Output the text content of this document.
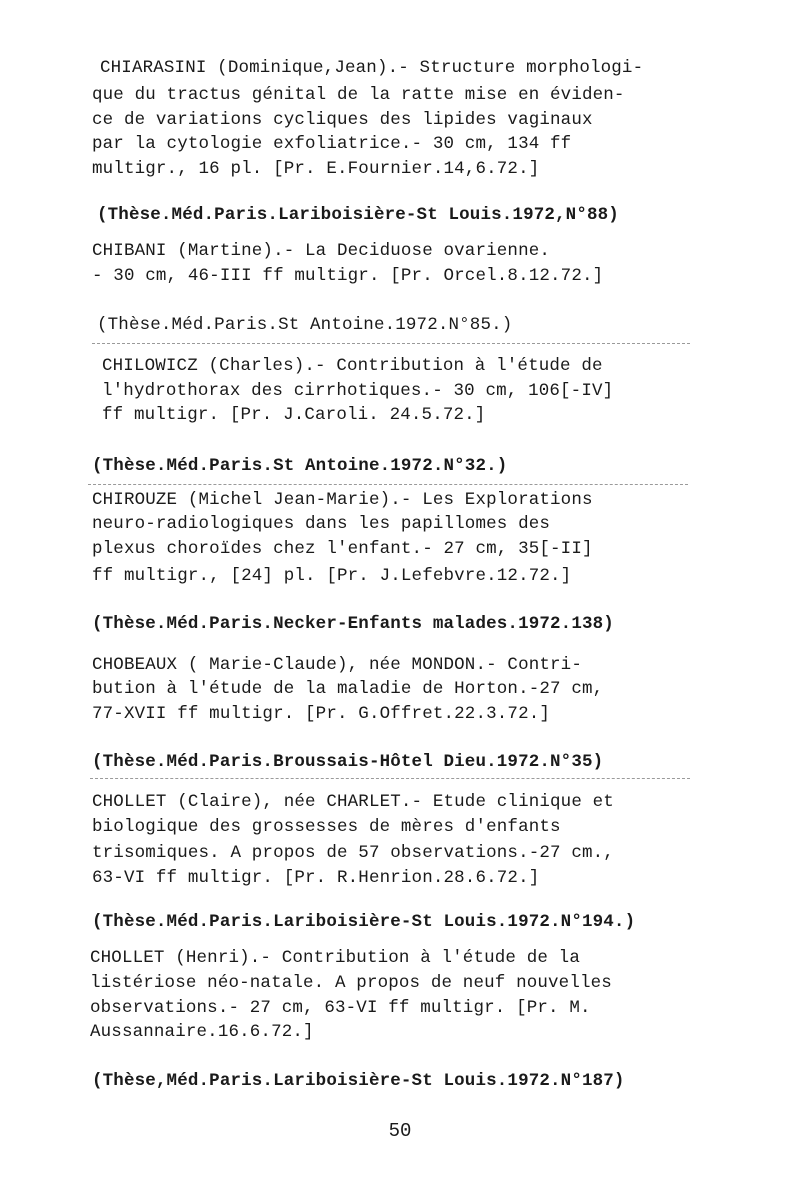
CHIARASINI (Dominique,Jean).- Structure morphologi-
que du tractus génital de la ratte mise en éviden-
ce de variations cycliques des lipides vaginaux
par la cytologie exfoliatrice.- 30 cm, 134 ff
multigr., 16 pl. [Pr. E.Fournier.14,6.72.]
(Thèse.Méd.Paris.Lariboisière-St Louis.1972,N°88)
CHIBANI (Martine).- La Deciduose ovarienne.
- 30 cm, 46-III ff multigr. [Pr. Orcel.8.12.72.]
(Thèse.Méd.Paris.St Antoine.1972.N°85.)
CHILOWICZ (Charles).- Contribution à l'étude de
l'hydrothorax des cirrhotiques.- 30 cm, 106[-IV]
ff multigr. [Pr. J.Caroli. 24.5.72.]
(Thèse.Méd.Paris.St Antoine.1972.N°32.)
CHIROUZE (Michel Jean-Marie).- Les Explorations
neuro-radiologiques dans les papillomes des
plexus choroïdes chez l'enfant.- 27 cm, 35[-II]
ff multigr., [24] pl. [Pr. J.Lefebvre.12.72.]
(Thèse.Méd.Paris.Necker-Enfants malades.1972.138)
CHOBEAUX ( Marie-Claude), née MONDON.- Contri-
bution à l'étude de la maladie de Horton.-27 cm,
77-XVII ff multigr. [Pr. G.Offret.22.3.72.]
(Thèse.Méd.Paris.Broussais-Hôtel Dieu.1972.N°35)
CHOLLET (Claire), née CHARLET.- Etude clinique et
biologique des grossesses de mères d'enfants
trisomiques. A propos de 57 observations.-27 cm.,
63-VI ff multigr. [Pr. R.Henrion.28.6.72.]
(Thèse.Méd.Paris.Lariboisière-St Louis.1972.N°194.)
CHOLLET (Henri).- Contribution à l'étude de la
listériose néo-natale. A propos de neuf nouvelles
observations.- 27 cm, 63-VI ff multigr. [Pr. M.
Aussannaire.16.6.72.]
(Thèse,Méd.Paris.Lariboisière-St Louis.1972.N°187)
50
